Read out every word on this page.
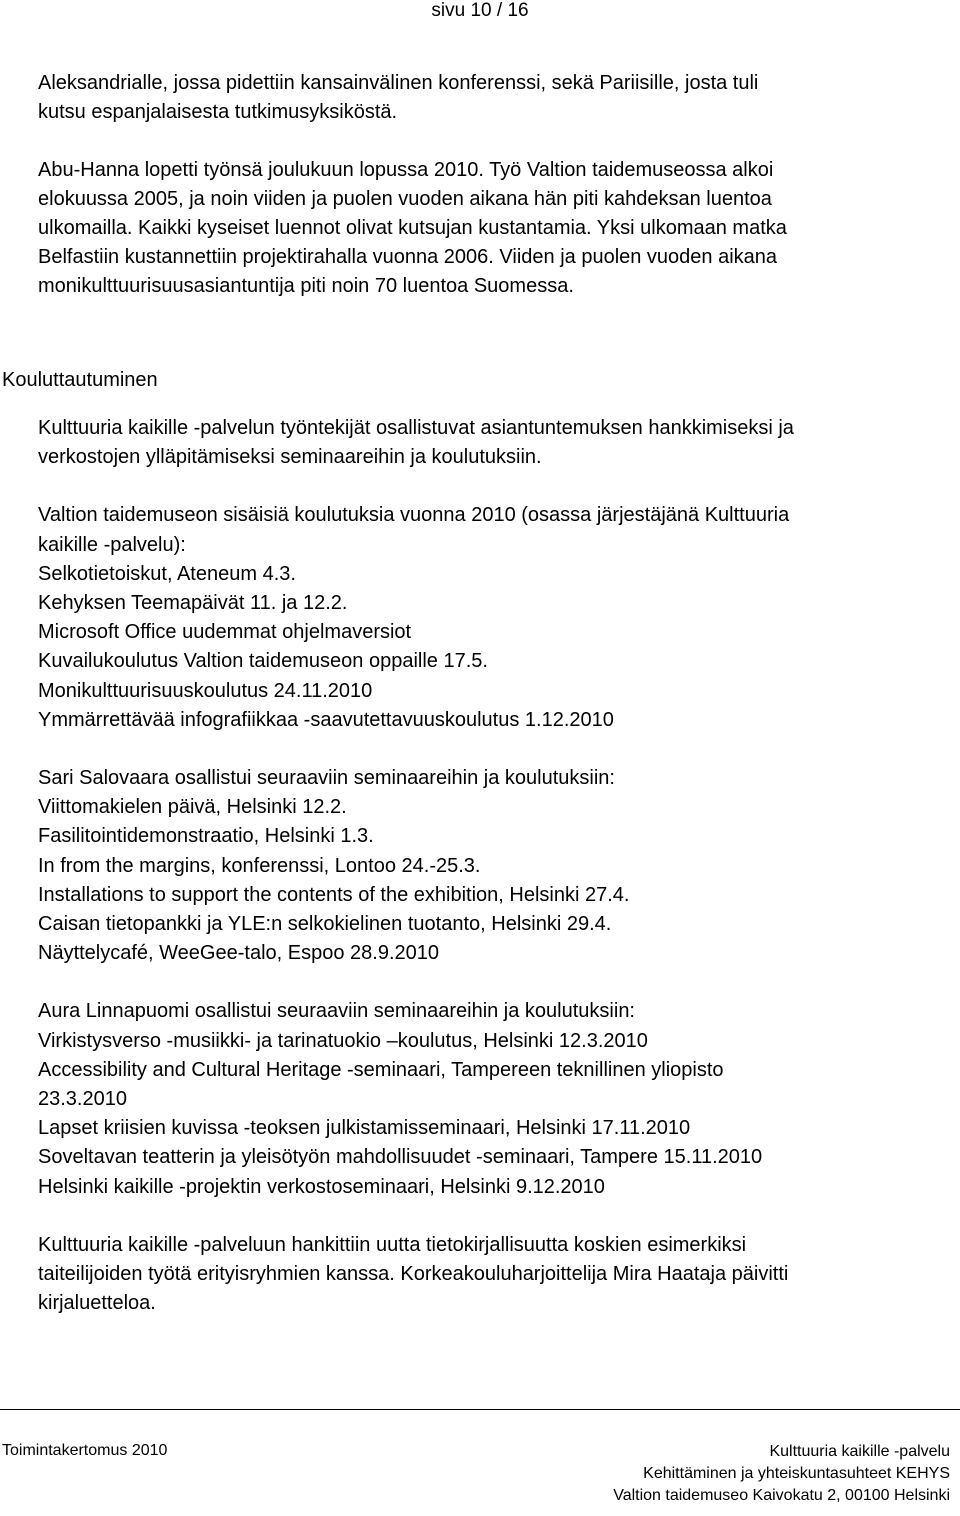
sivu 10 / 16
Aleksandrialle, jossa pidettiin kansainvälinen konferenssi, sekä Pariisille, josta tuli
kutsu espanjalaisesta tutkimusyksiköstä.
Abu-Hanna lopetti työnsä joulukuun lopussa 2010. Työ Valtion taidemuseossa alkoi
elokuussa 2005, ja noin viiden ja puolen vuoden aikana hän piti kahdeksan luentoa
ulkomailla. Kaikki kyseiset luennot olivat kutsujan kustantamia. Yksi ulkomaan matka
Belfastiin kustannettiin projektirahalla vuonna 2006. Viiden ja puolen vuoden aikana
monikulttuurisuusasiantuntija piti noin 70 luentoa Suomessa.
Kouluttautuminen
Kulttuuria kaikille -palvelun työntekijät osallistuvat asiantuntemuksen hankkimiseksi ja
verkostojen ylläpitämiseksi seminaareihin ja koulutuksiin.
Valtion taidemuseon sisäisiä koulutuksia vuonna 2010 (osassa järjestäjänä Kulttuuria
kaikille -palvelu):
Selkotietoiskut, Ateneum 4.3.
Kehyksen Teemapäivät 11. ja 12.2.
Microsoft Office uudemmat ohjelmaversiot
Kuvailukoulutus Valtion taidemuseon oppaille 17.5.
Monikulttuurisuuskoulutus 24.11.2010
Ymmärrettävää infografiikkaa -saavutettavuuskoulutus 1.12.2010
Sari Salovaara osallistui seuraaviin seminaareihin ja koulutuksiin:
Viittomakielen päivä, Helsinki 12.2.
Fasilitointidemonstraatio, Helsinki 1.3.
In from the margins, konferenssi, Lontoo 24.-25.3.
Installations to support the contents of the exhibition, Helsinki 27.4.
Caisan tietopankki ja YLE:n selkokielinen tuotanto, Helsinki 29.4.
Näyttelycafé, WeeGee-talo, Espoo 28.9.2010
Aura Linnapuomi osallistui seuraaviin seminaareihin ja koulutuksiin:
Virkistysverso -musiikki- ja tarinatuokio –koulutus, Helsinki 12.3.2010
Accessibility and Cultural Heritage -seminaari, Tampereen teknillinen yliopisto
23.3.2010
Lapset kriisien kuvissa -teoksen julkistamisseminaari, Helsinki 17.11.2010
Soveltavan teatterin ja yleisötyön mahdollisuudet -seminaari, Tampere 15.11.2010
Helsinki kaikille -projektin verkostoseminaari, Helsinki 9.12.2010
Kulttuuria kaikille -palveluun hankittiin uutta tietokirjallisuutta koskien esimerkiksi
taiteilijoiden työtä erityisryhmien kanssa. Korkeakouluharjoittelija Mira Haataja päivitti
kirjaluetteloa.
Toimintakertomus 2010	Kulttuuria kaikille -palvelu
Kehittäminen ja yhteiskuntasuhteet KEHYS
Valtion taidemuseo Kaivokatu 2, 00100 Helsinki
